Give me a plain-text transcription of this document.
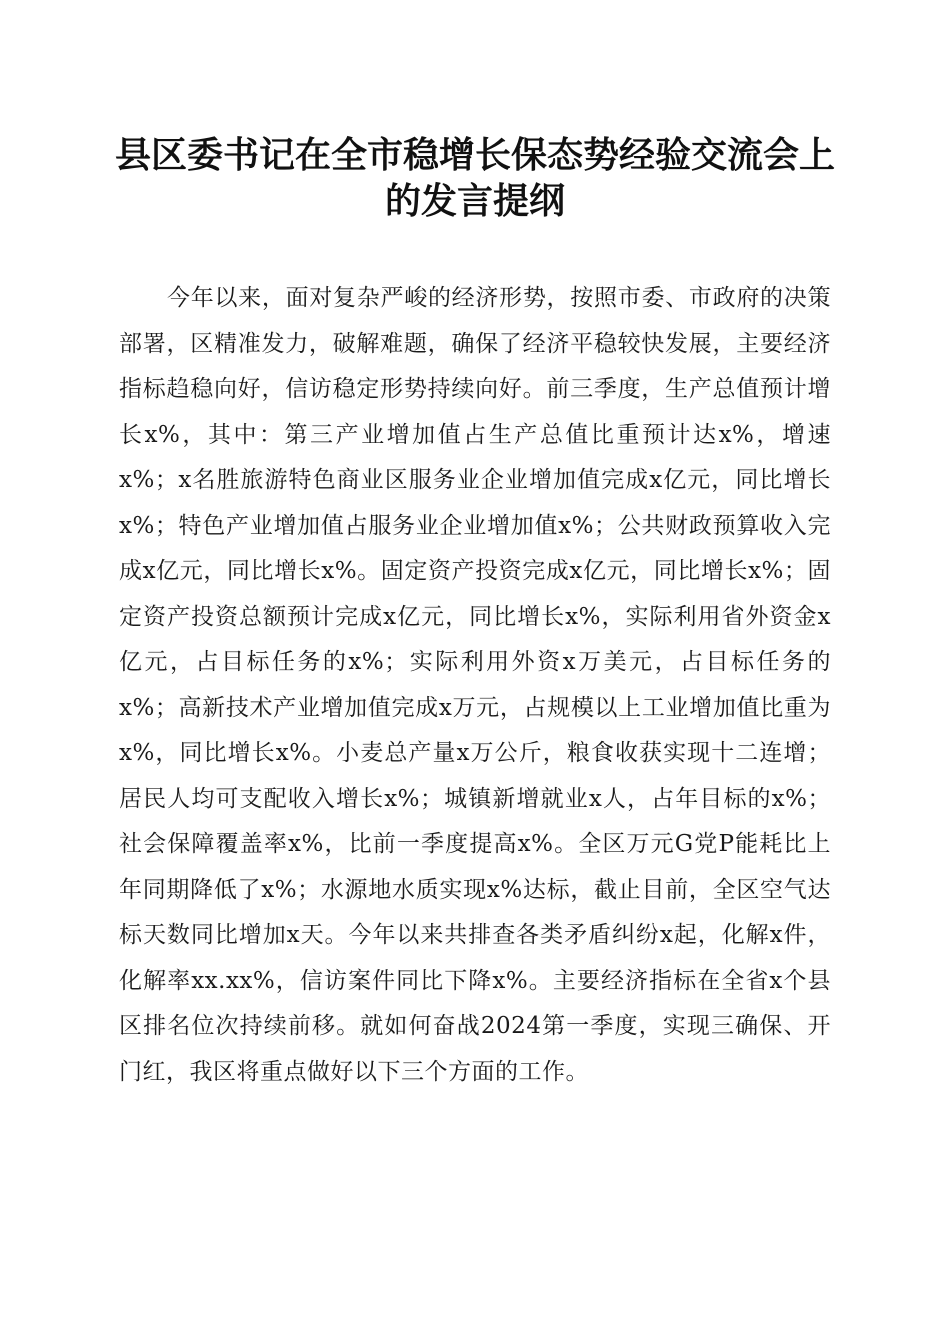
县区委书记在全市稳增长保态势经验交流会上的发言提纲

今年以来，面对复杂严峻的经济形势，按照市委、市政府的决策部署，区精准发力，破解难题，确保了经济平稳较快发展，主要经济指标趋稳向好，信访稳定形势持续向好。前三季度，生产总值预计增长x%，其中：第三产业增加值占生产总值比重预计达x%，增速x%；x名胜旅游特色商业区服务业企业增加值完成x亿元，同比增长x%；特色产业增加值占服务业企业增加值x%；公共财政预算收入完成x亿元，同比增长x%。固定资产投资完成x亿元，同比增长x%；固定资产投资总额预计完成x亿元，同比增长x%，实际利用省外资金x亿元，占目标任务的x%；实际利用外资x万美元，占目标任务的x%；高新技术产业增加值完成x万元，占规模以上工业增加值比重为x%，同比增长x%。小麦总产量x万公斤，粮食收获实现十二连增；居民人均可支配收入增长x%；城镇新增就业x人，占年目标的x%；社会保障覆盖率x%，比前一季度提高x%。全区万元G党P能耗比上年同期降低了x%；水源地水质实现x%达标，截止目前，全区空气达标天数同比增加x天。今年以来共排查各类矛盾纠纷x起，化解x件，化解率xx.xx%，信访案件同比下降x%。主要经济指标在全省x个县区排名位次持续前移。就如何奋战2024第一季度，实现三确保、开门红，我区将重点做好以下三个方面的工作。
